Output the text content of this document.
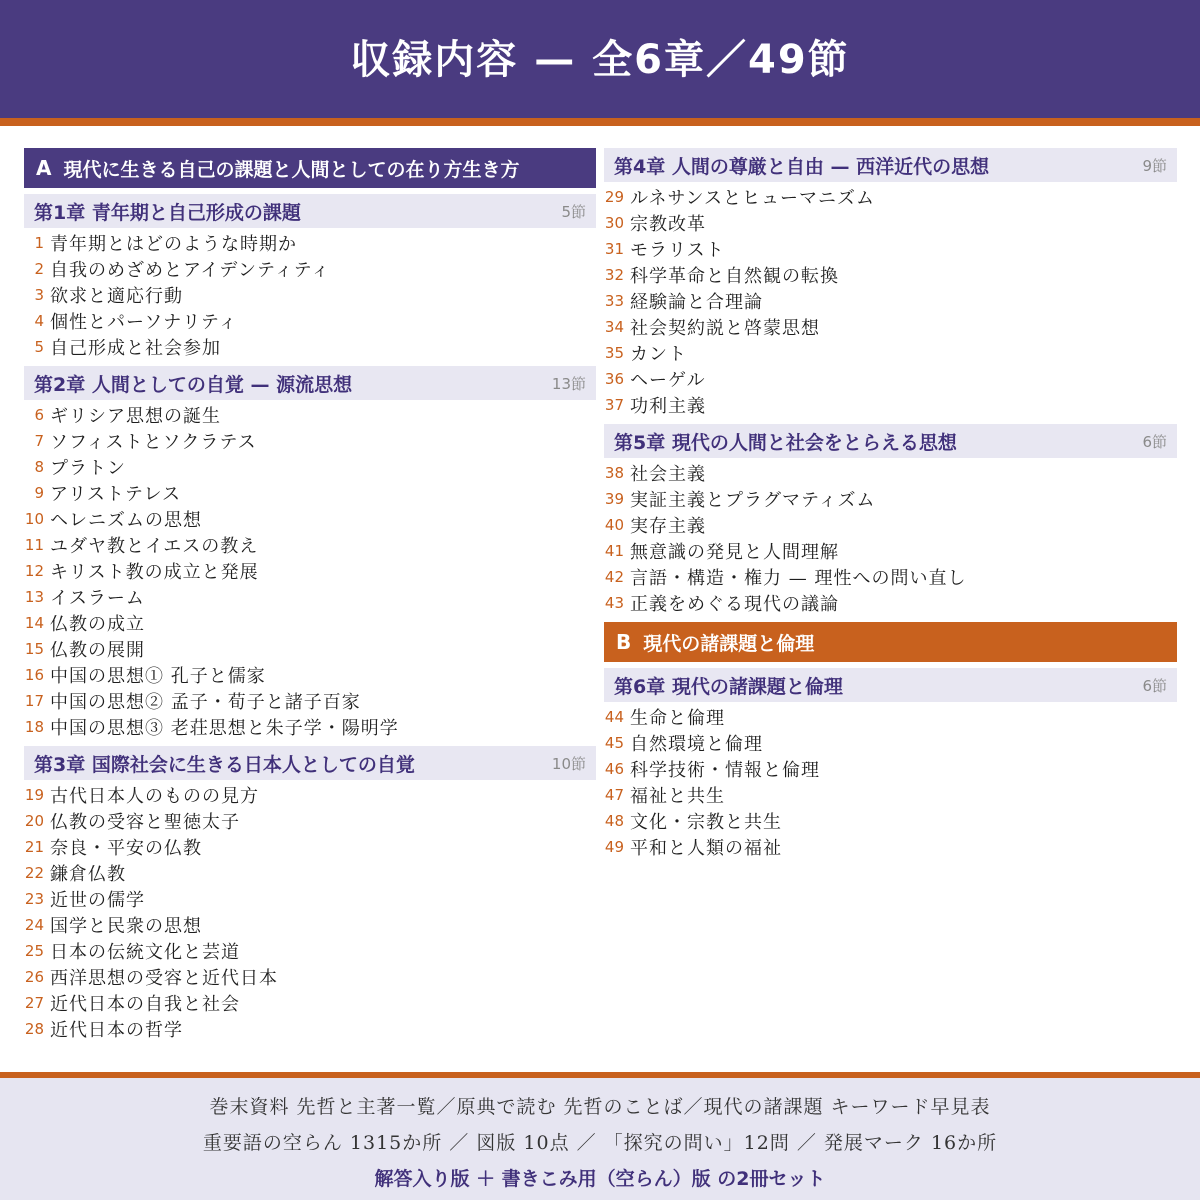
収録内容 — 全6章／49節
A 現代に生きる自己の課題と人間としての在り方生き方
第1章 青年期と自己形成の課題	5節
1 青年期とはどのような時期か
2 自我のめざめとアイデンティティ
3 欲求と適応行動
4 個性とパーソナリティ
5 自己形成と社会参加
第2章 人間としての自覚 — 源流思想	13節
6 ギリシア思想の誕生
7 ソフィストとソクラテス
8 プラトン
9 アリストテレス
10 ヘレニズムの思想
11 ユダヤ教とイエスの教え
12 キリスト教の成立と発展
13 イスラーム
14 仏教の成立
15 仏教の展開
16 中国の思想① 孔子と儒家
17 中国の思想② 孟子・荀子と諸子百家
18 中国の思想③ 老荘思想と朱子学・陽明学
第3章 国際社会に生きる日本人としての自覚	10節
19 古代日本人のものの見方
20 仏教の受容と聖徳太子
21 奈良・平安の仏教
22 鎌倉仏教
23 近世の儒学
24 国学と民衆の思想
25 日本の伝統文化と芸道
26 西洋思想の受容と近代日本
27 近代日本の自我と社会
28 近代日本の哲学
第4章 人間の尊厳と自由 — 西洋近代の思想	9節
29 ルネサンスとヒューマニズム
30 宗教改革
31 モラリスト
32 科学革命と自然観の転換
33 経験論と合理論
34 社会契約説と啓蒙思想
35 カント
36 ヘーゲル
37 功利主義
第5章 現代の人間と社会をとらえる思想	6節
38 社会主義
39 実証主義とプラグマティズム
40 実存主義
41 無意識の発見と人間理解
42 言語・構造・権力 — 理性への問い直し
43 正義をめぐる現代の議論
B 現代の諸課題と倫理
第6章 現代の諸課題と倫理	6節
44 生命と倫理
45 自然環境と倫理
46 科学技術・情報と倫理
47 福祉と共生
48 文化・宗教と共生
49 平和と人類の福祉
巻末資料 先哲と主著一覧／原典で読む 先哲のことば／現代の諸課題 キーワード早見表
重要語の空らん 1315か所 ／ 図版 10点 ／ 「探究の問い」12問 ／ 発展マーク 16か所
解答入り版 ＋ 書きこみ用（空らん）版 の2冊セット
